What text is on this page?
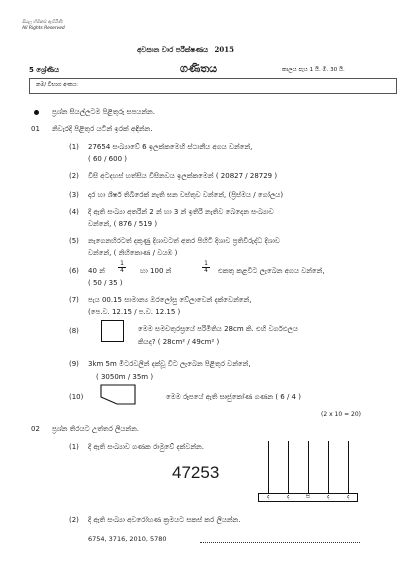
සියලු හිමිකම් ඇවිරිණි
All Rights Reserved
අවසාන වාර පරීක්ෂණය 2015
5 ශ්‍රේණිය	ගණිතය	කාලය පැය 1 යි. මි. 30 යි.
නම/ විභාග අංකය:
ප්‍රශ්න සියල්ලටම පිළිතුරු සපයන්න.
01 නිවැරදි පිළිතුර යටින් ඉරක් අඳින්න.
(1) 27654 සංඛ්‍යාවේ 6 ඉලක්කමෙහි ස්ථානීය අගය වන්නේ,
( 60 / 600 )
(2) විසි අටදහස් හත්සිය විසිනවය ඉලක්කමෙන් ( 20827 / 28729 )
(3) දාර හා ශීර්ෂ තිබිරෙක් නැති ඝන වස්තුව වන්නේ, (ප්‍රිස්මය / ගෝලය)
(4) දී ඇති සංඛ්‍යා අතරින් 2 න් හා 3 න් ඉතිරි නැතිව බෙදෙන සංඛ්‍යාව
වන්නේ, ( 876 / 519 )
(5) නැගෙනහිරටත් දකුණු දිශාවටත් අතර පිහිටි දිශාව ප්‍රතිවිරුද්ධ දිශාව
වන්නේ, ( නිහිකොණ / වයඹ )
(6) 40 න්
1
4 හා 100 න්
1
4 එකතු කළවිට ලැබෙන අගය වන්නේ,
( 50 / 35 )
(7) පැය 00.15 සාමාන්‍ය ඔරලෝසු වේලාවෙන් දක්වෙන්නේ,
(පෙ.ව. 12.15 / ප.ව. 12.15 )
(8)	මෙම සමචතුරස්‍රයේ පරිමිතිය 28cm කි. එහි වර්ගඵලය
කියද? ( 28cm² / 49cm² )
(9) 3km 5m මීටරවලින් දක්වූ විට ලැබෙන පිළිතුර වන්නේ,
( 3050m / 35m )
(10)	මෙම රූපයේ ඇති සෘජුකෝණ ගණන ( 6 / 4 )
(2 x 10 = 20)
02 ප්‍රශ්න තිරයට උත්තර ලියන්න.
(1) දී ඇති සංඛ්‍යාව ගණක රාමුවේ දක්වන්න.
47253
ද	ද	සි	ද	ද
(2) දී ඇති සංඛ්‍යා අවරෝහණ ක්‍රමයට සකස් කර ලියන්න.
6754, 3716, 2010, 5780
